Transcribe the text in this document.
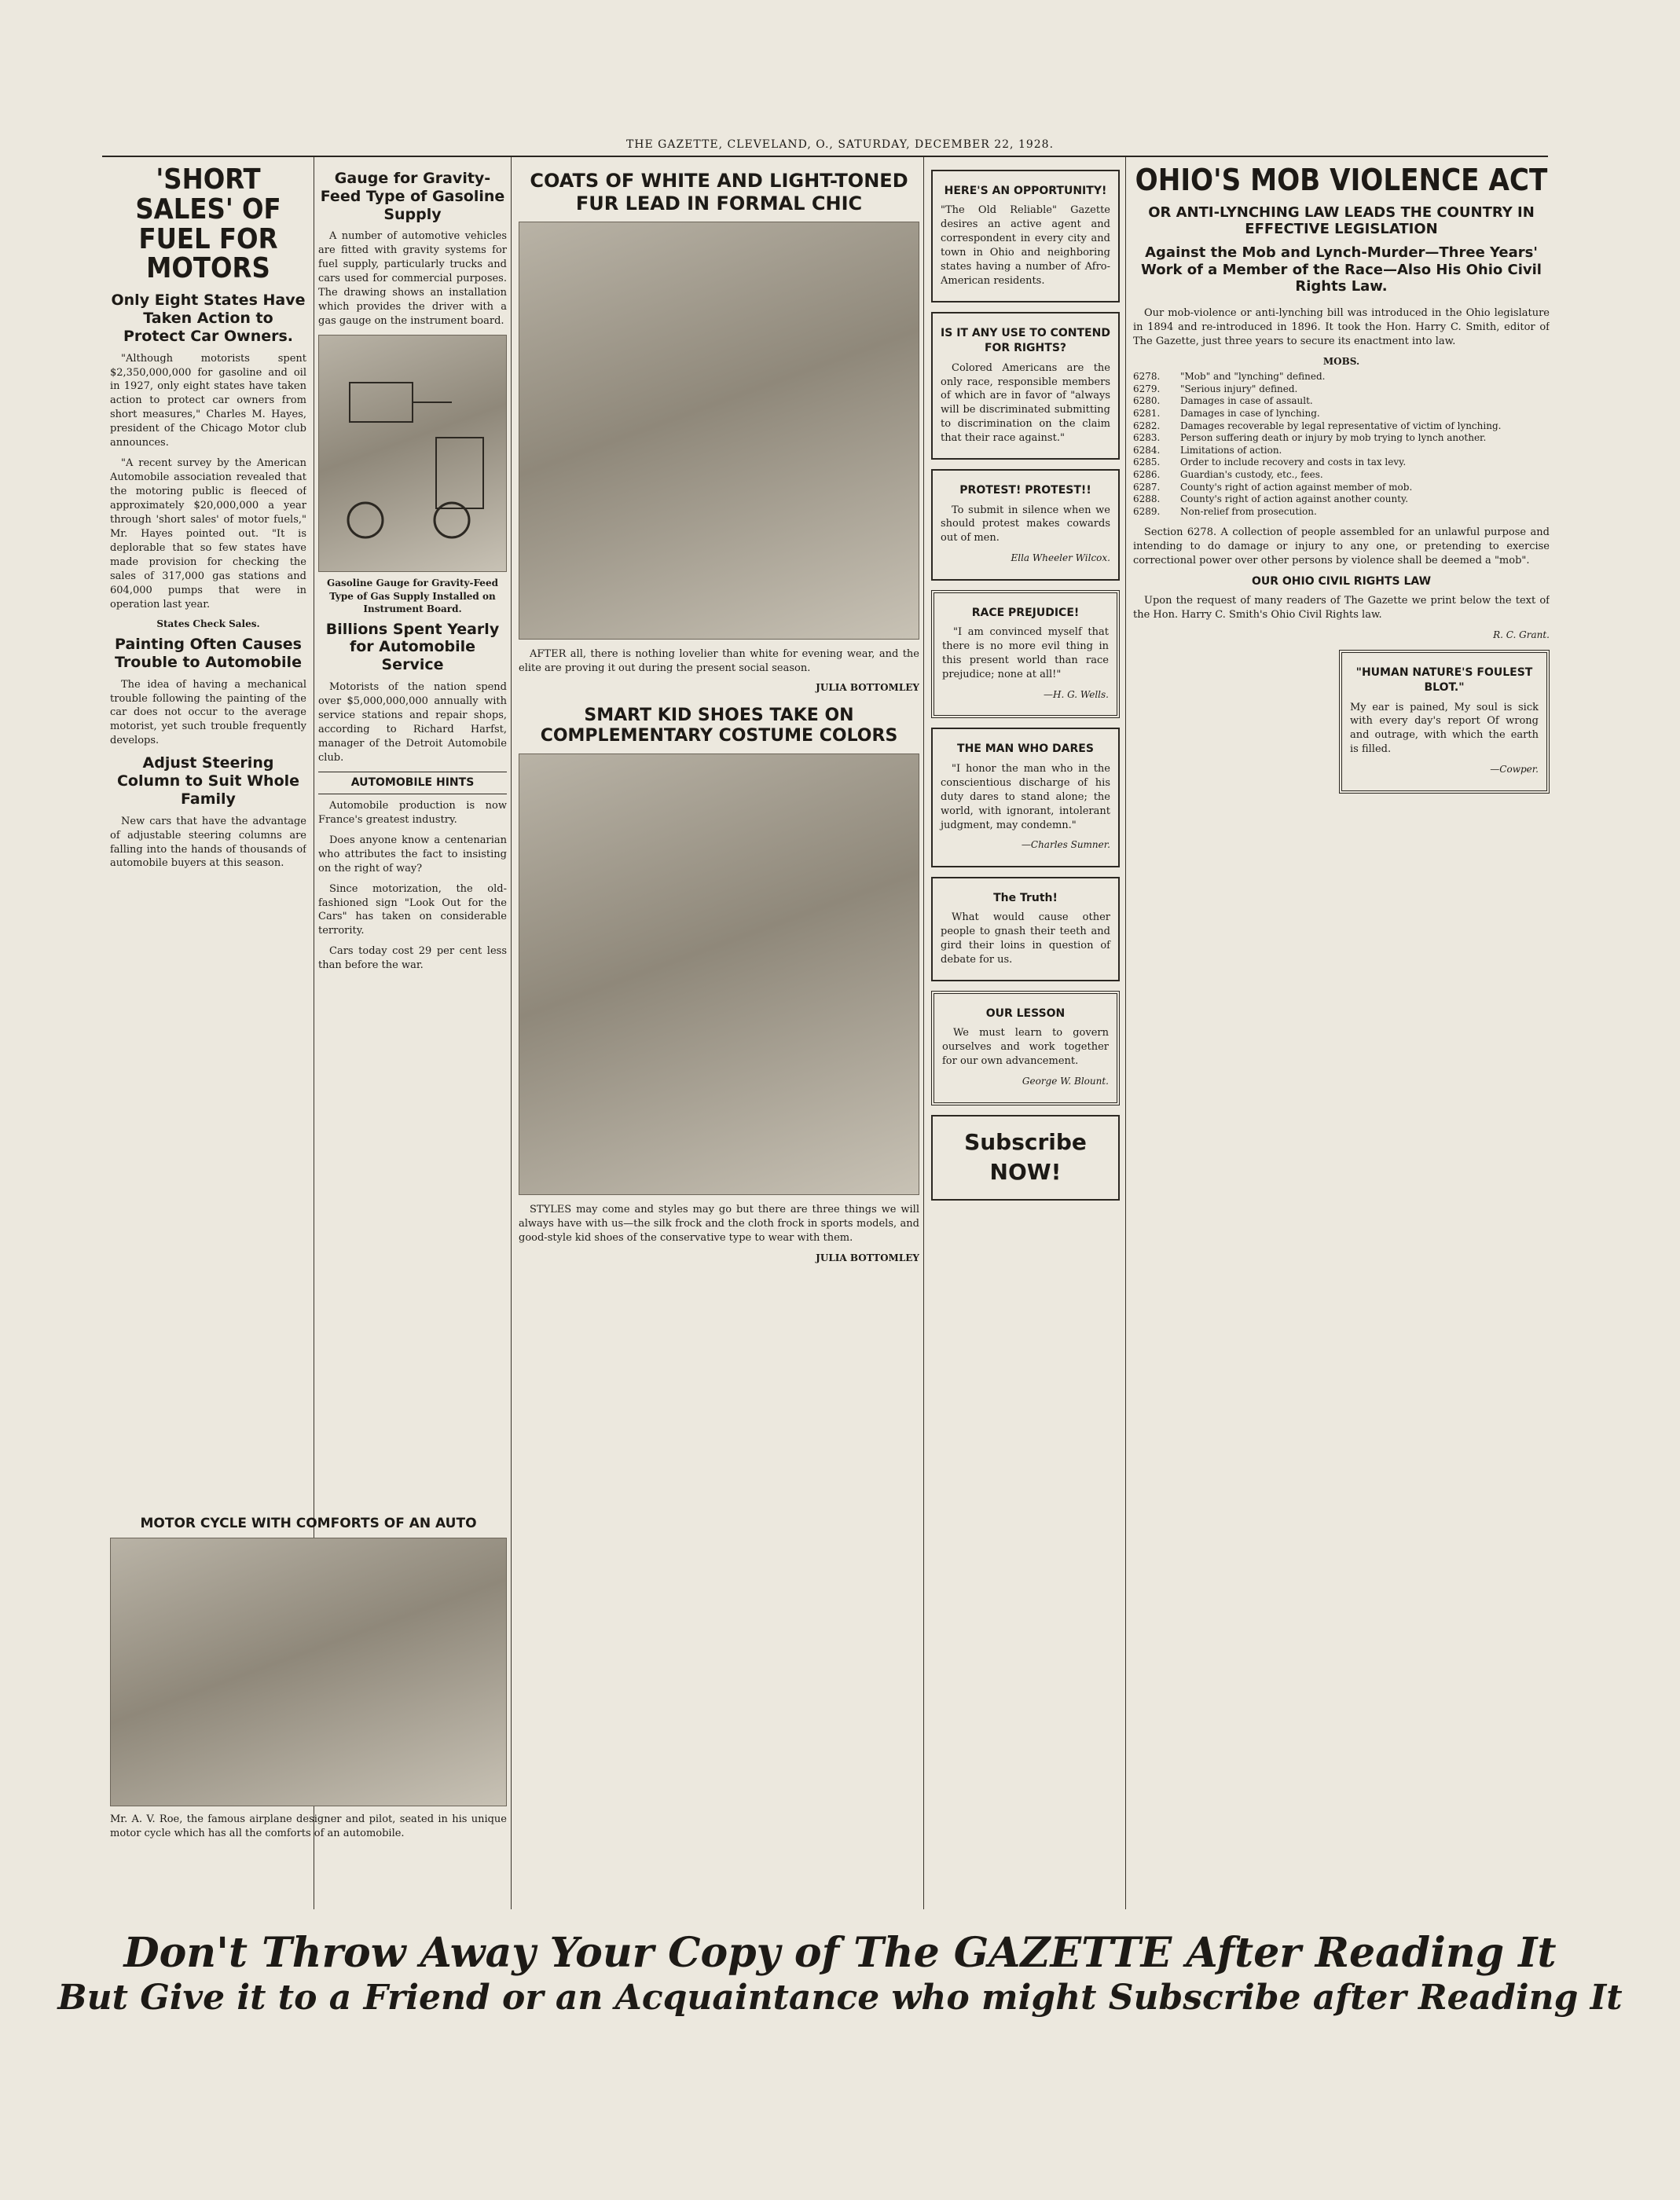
THE GAZETTE, CLEVELAND, O., SATURDAY, DECEMBER 22, 1928.
'SHORT SALES' OF FUEL FOR MOTORS
Only Eight States Have Taken Action to Protect Car Owners.

"Although motorists spent $2,350,000,000 for gasoline and oil in 1927, only eight states have taken action to protect car owners from short measures," Charles M. Hayes, president of the Chicago Motor club announces.

"A recent survey by the American Automobile association revealed that the motoring public is fleeced of approximately $20,000,000 a year through 'short sales' of motor fuels," Mr. Hayes pointed out. "It is deplorable that so few states have made provision for checking the sales of 317,000 gas stations and 604,000 pumps that were in operation last year.

States Check Sales.
Painting Often Causes Trouble to Automobile

The idea of having a mechanical trouble following the painting of the car does not occur to the average motorist, yet such trouble frequently develops.

Adjust Steering Column to Suit Whole Family

New cars that have the advantage of adjustable steering columns are falling into the hands of thousands of automobile buyers at this season.

Gauge for Gravity-Feed Type of Gasoline Supply

A number of automotive vehicles are fitted with gravity systems for fuel supply, particularly trucks and cars used for commercial purposes. The drawing shows an installation which provides the driver with a gas gauge on the instrument board.

Gasoline Gauge for Gravity-Feed Type of Gas Supply Installed on Instrument Board.
Billions Spent Yearly for Automobile Service

Motorists of the nation spend over $5,000,000,000 annually with service stations and repair shops, according to Richard Harfst, manager of the Detroit Automobile club.

AUTOMOBILE HINTS

Automobile production is now France's greatest industry.

Does anyone know a centenarian who attributes the fact to insisting on the right of way?

Since motorization, the old-fashioned sign "Look Out for the Cars" has taken on considerable terrority.

Cars today cost 29 per cent less than before the war.

MOTOR CYCLE WITH COMFORTS OF AN AUTO

Mr. A. V. Roe, the famous airplane designer and pilot, seated in his unique motor cycle which has all the comforts of an automobile.

COATS OF WHITE AND LIGHT-TONED FUR LEAD IN FORMAL CHIC

AFTER all, there is nothing lovelier than white for evening wear, and the elite are proving it out during the present social season.

JULIA BOTTOMLEY
SMART KID SHOES TAKE ON COMPLEMENTARY COSTUME COLORS

STYLES may come and styles may go but there are three things we will always have with us—the silk frock and the cloth frock in sports models, and good-style kid shoes of the conservative type to wear with them.

JULIA BOTTOMLEY
HERE'S AN OPPORTUNITY!

"The Old Reliable" Gazette desires an active agent and correspondent in every city and town in Ohio and neighboring states having a number of Afro-American residents.

IS IT ANY USE TO CONTEND FOR RIGHTS?

Colored Americans are the only race, responsible members of which are in favor of "always will be discriminated submitting to discrimination on the claim that their race against."

PROTEST! PROTEST!!

To submit in silence when we should protest makes cowards out of men.

Ella Wheeler Wilcox.
RACE PREJUDICE!

"I am convinced myself that there is no more evil thing in this present world than race prejudice; none at all!"

—H. G. Wells.
THE MAN WHO DARES

"I honor the man who in the conscientious discharge of his duty dares to stand alone; the world, with ignorant, intolerant judgment, may condemn."

—Charles Sumner.
The Truth!

What would cause other people to gnash their teeth and gird their loins in question of debate for us.

OUR LESSON

We must learn to govern ourselves and work together for our own advancement.

George W. Blount.
Subscribe NOW!
OHIO'S MOB VIOLENCE ACT
OR ANTI-LYNCHING LAW LEADS THE COUNTRY IN EFFECTIVE LEGISLATION
Against the Mob and Lynch-Murder—Three Years' Work of a Member of the Race—Also His Ohio Civil Rights Law.

Our mob-violence or anti-lynching bill was introduced in the Ohio legislature in 1894 and re-introduced in 1896. It took the Hon. Harry C. Smith, editor of The Gazette, just three years to secure its enactment into law.

MOBS.
6278.	"Mob" and "lynching" defined.
6279.	"Serious injury" defined.
6280.	Damages in case of assault.
6281.	Damages in case of lynching.
6282.	Damages recoverable by legal representative of victim of lynching.
6283.	Person suffering death or injury by mob trying to lynch another.
6284.	Limitations of action.
6285.	Order to include recovery and costs in tax levy.
6286.	Guardian's custody, etc., fees.
6287.	County's right of action against member of mob.
6288.	County's right of action against another county.
6289.	Non-relief from prosecution.

Section 6278. A collection of people assembled for an unlawful purpose and intending to do damage or injury to any one, or pretending to exercise correctional power over other persons by violence shall be deemed a "mob".

OUR OHIO CIVIL RIGHTS LAW

Upon the request of many readers of The Gazette we print below the text of the Hon. Harry C. Smith's Ohio Civil Rights law.

R. C. Grant.
"HUMAN NATURE'S FOULEST BLOT."

My ear is pained, My soul is sick with every day's report Of wrong and outrage, with which the earth is filled.

—Cowper.
Don't Throw Away Your Copy of The GAZETTE After Reading It
But Give it to a Friend or an Acquaintance who might Subscribe after Reading It
